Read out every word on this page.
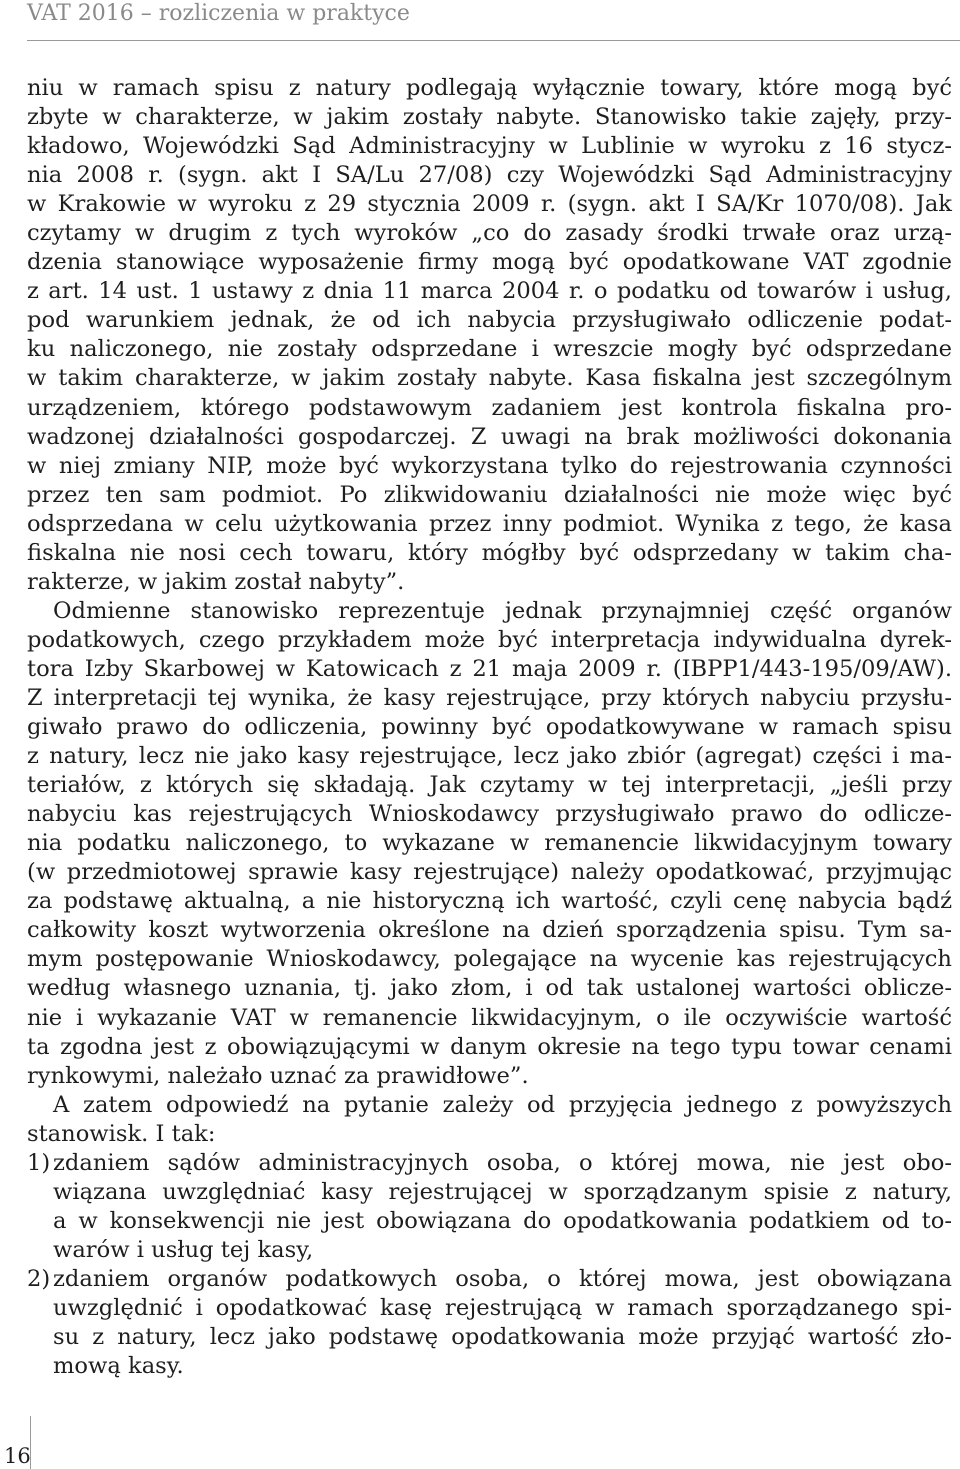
VAT 2016 – rozliczenia w praktyce
niu w ramach spisu z natury podlegają wyłącznie towary, które mogą być
zbyte w charakterze, w jakim zostały nabyte. Stanowisko takie zajęły, przy-
kładowo, Wojewódzki Sąd Administracyjny w Lublinie w wyroku z 16 stycz-
nia 2008 r. (sygn. akt I SA/Lu 27/08) czy Wojewódzki Sąd Administracyjny
w Krakowie w wyroku z 29 stycznia 2009 r. (sygn. akt I SA/Kr 1070/08). Jak
czytamy w drugim z tych wyroków „co do zasady środki trwałe oraz urzą-
dzenia stanowiące wyposażenie firmy mogą być opodatkowane VAT zgodnie
z art. 14 ust. 1 ustawy z dnia 11 marca 2004 r. o podatku od towarów i usług,
pod warunkiem jednak, że od ich nabycia przysługiwało odliczenie podat-
ku naliczonego, nie zostały odsprzedane i wreszcie mogły być odsprzedane
w takim charakterze, w jakim zostały nabyte. Kasa fiskalna jest szczególnym
urządzeniem, którego podstawowym zadaniem jest kontrola fiskalna pro-
wadzonej działalności gospodarczej. Z uwagi na brak możliwości dokonania
w niej zmiany NIP, może być wykorzystana tylko do rejestrowania czynności
przez ten sam podmiot. Po zlikwidowaniu działalności nie może więc być
odsprzedana w celu użytkowania przez inny podmiot. Wynika z tego, że kasa
fiskalna nie nosi cech towaru, który mógłby być odsprzedany w takim cha-
rakterze, w jakim został nabyty”.
Odmienne stanowisko reprezentuje jednak przynajmniej część organów
podatkowych, czego przykładem może być interpretacja indywidualna dyrek-
tora Izby Skarbowej w Katowicach z 21 maja 2009 r. (IBPP1/443-195/09/AW).
Z interpretacji tej wynika, że kasy rejestrujące, przy których nabyciu przysłu-
giwało prawo do odliczenia, powinny być opodatkowywane w ramach spisu
z natury, lecz nie jako kasy rejestrujące, lecz jako zbiór (agregat) części i ma-
teriałów, z których się składają. Jak czytamy w tej interpretacji, „jeśli przy
nabyciu kas rejestrujących Wnioskodawcy przysługiwało prawo do odlicze-
nia podatku naliczonego, to wykazane w remanencie likwidacyjnym towary
(w przedmiotowej sprawie kasy rejestrujące) należy opodatkować, przyjmując
za podstawę aktualną, a nie historyczną ich wartość, czyli cenę nabycia bądź
całkowity koszt wytworzenia określone na dzień sporządzenia spisu. Tym sa-
mym postępowanie Wnioskodawcy, polegające na wycenie kas rejestrujących
według własnego uznania, tj. jako złom, i od tak ustalonej wartości oblicze-
nie i wykazanie VAT w remanencie likwidacyjnym, o ile oczywiście wartość
ta zgodna jest z obowiązującymi w danym okresie na tego typu towar cenami
rynkowymi, należało uznać za prawidłowe”.
A zatem odpowiedź na pytanie zależy od przyjęcia jednego z powyższych
stanowisk. I tak:
1) zdaniem sądów administracyjnych osoba, o której mowa, nie jest obo-
wiązana uwzględniać kasy rejestrującej w sporządzanym spisie z natury,
a w konsekwencji nie jest obowiązana do opodatkowania podatkiem od to-
warów i usług tej kasy,
2) zdaniem organów podatkowych osoba, o której mowa, jest obowiązana
uwzględnić i opodatkować kasę rejestrującą w ramach sporządzanego spi-
su z natury, lecz jako podstawę opodatkowania może przyjąć wartość zło-
mową kasy.
16
